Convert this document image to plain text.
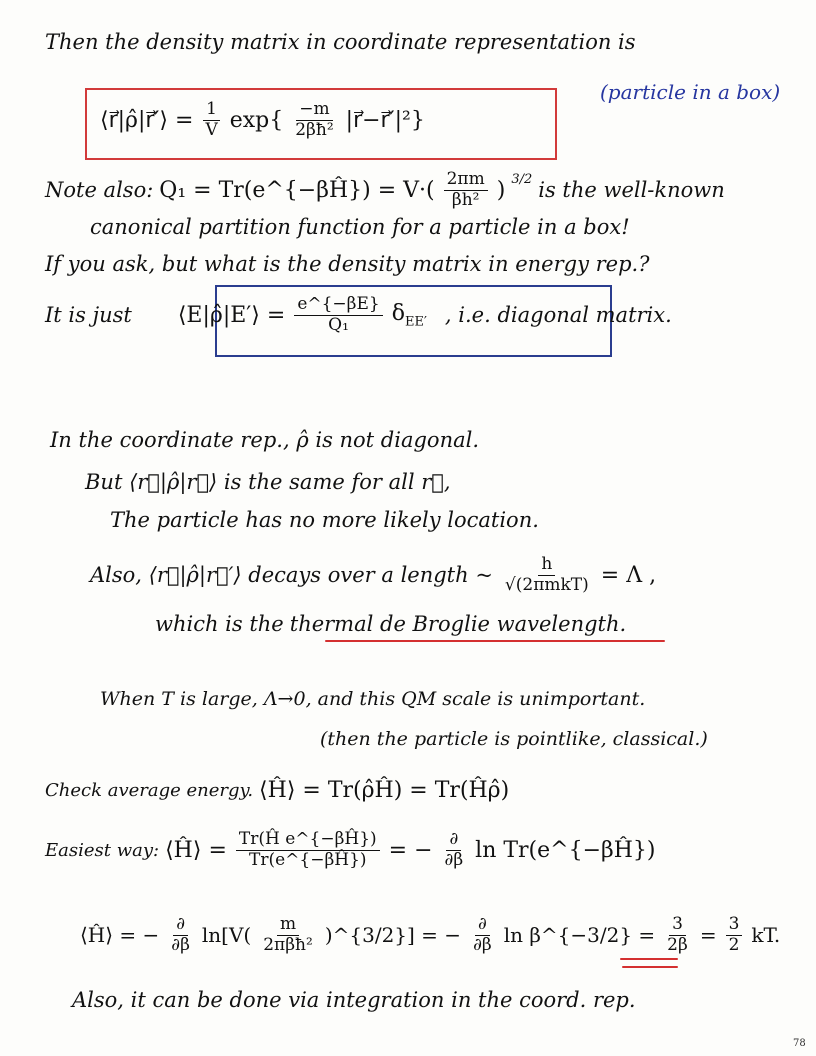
Then the density matrix in coordinate representation is
⟨r⃗|ρ̂|r⃗′⟩ = $\frac{1}{V} \exp\{ \frac{-m}{\text{2βħ²}}$ |r⃗−r⃗′|²}
(particle in a box)
Note also: Q₁ = Tr(e^{−βĤ}) = $V\cdot( \frac{2\pi m}{\text{βh²}}$ ) $^{3/2}$ is the well-known
canonical partition function for a particle in a box!
If you ask, but what is the density matrix in energy rep.?
It is just ⟨E|ρ̂|E′⟩ = $\frac{e\^{}\{-\beta E\}}{\text{Q₁}} \delta_{EE'}$ , i.e. diagonal matrix.
In the coordinate rep., ρ̂ is not diagonal.
But ⟨r⃗|ρ̂|r⃗⟩ is the same for all r⃗,
The particle has no more likely location.
Also, ⟨r⃗|ρ̂|r⃗′⟩ decays over a length ~ $\frac{h}{\text{√(2πmkT)}} = \Lambda$ ,
which is the thermal de Broglie wavelength.
When T is large, Λ→0, and this QM scale is unimportant.
(then the particle is pointlike, classical.)
Check average energy. ⟨Ĥ⟩ = Tr(ρ̂Ĥ) = Tr(Ĥρ̂)
Easiest way: ⟨Ĥ⟩ = $\frac{\text{Tr(Ĥ e\textasciicircum{}\{−βĤ\})}}{Tr(e\^{}\{-\beta Ĥ\})}$ = − $\frac{\partial}{\partial\beta}$ ln Tr(e^{−βĤ})
⟨Ĥ⟩ = − $\frac{\partial}{\partial\beta} \ln[V( \frac{m}{\text{2πβħ²}}$ )^{3/2}] = − $\frac{\partial}{\partial\beta}$ ln β^{−3/2} = $\frac{3}{2\beta} = \frac{3}{2}$ kT.
Also, it can be done via integration in the coord. rep.
78
